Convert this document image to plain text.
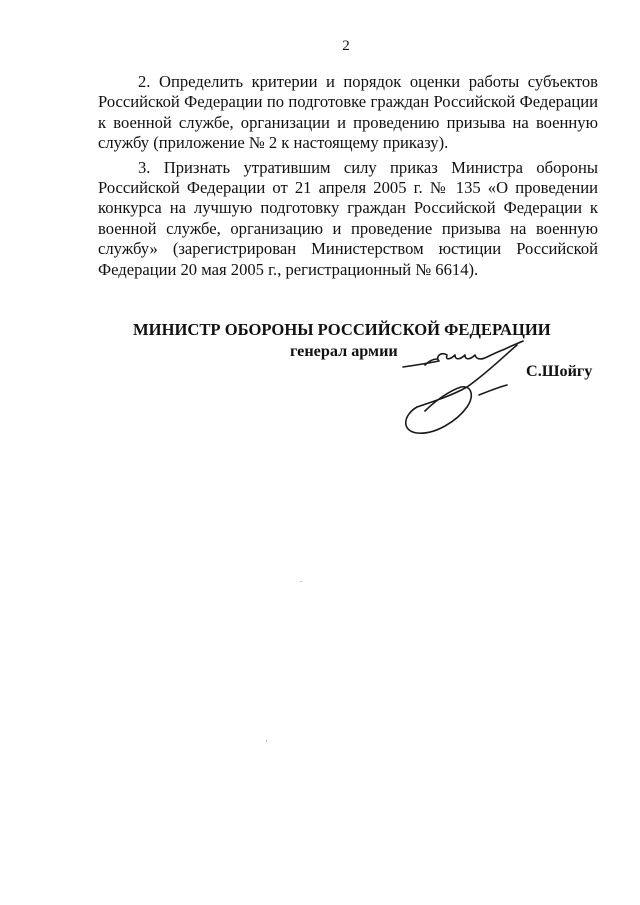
2

2. Определить критерии и порядок оценки работы субъектов Российской Федерации по подготовке граждан Российской Федерации к военной службе, организации и проведению призыва на военную службу (приложение № 2 к настоящему приказу).

3. Признать утратившим силу приказ Министра обороны Российской Федерации от 21 апреля 2005 г. № 135 «О проведении конкурса на лучшую подготовку граждан Российской Федерации к военной службе, организацию и проведение призыва на военную службу» (зарегистрирован Министерством юстиции Российской Федерации 20 мая 2005 г., регистрационный № 6614).

МИНИСТР ОБОРОНЫ РОССИЙСКОЙ ФЕДЕРАЦИИ
генерал армии
С.Шойгу
